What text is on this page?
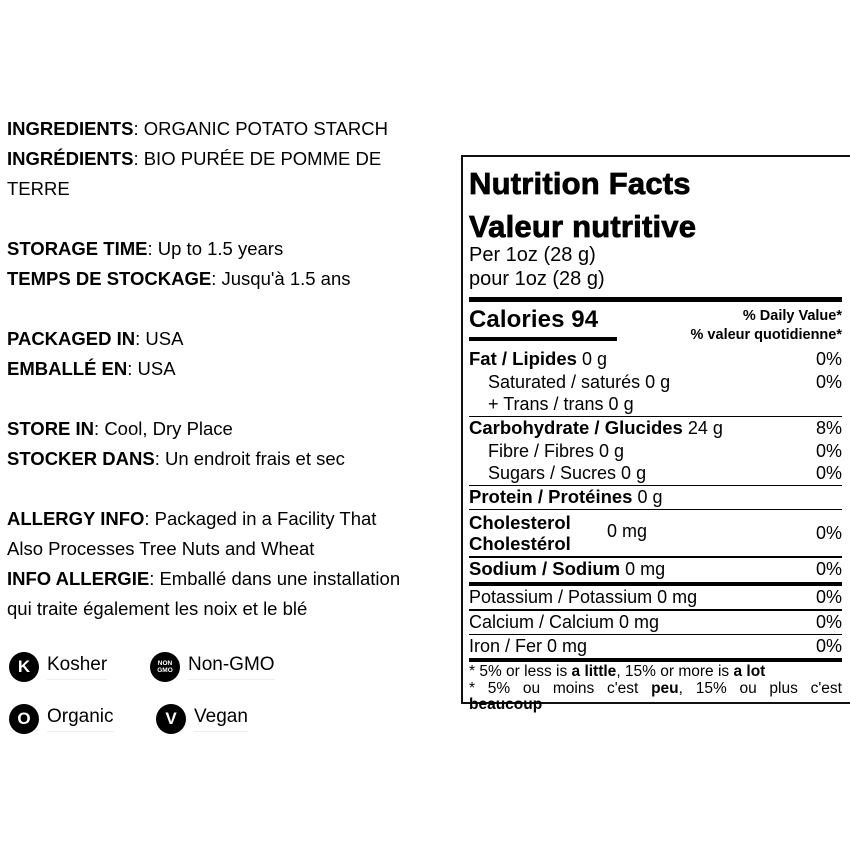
INGREDIENTS: ORGANIC POTATO STARCH
INGRÉDIENTS: BIO PURÉE DE POMME DE
TERRE
STORAGE TIME: Up to 1.5 years
TEMPS DE STOCKAGE: Jusqu'à 1.5 ans
PACKAGED IN: USA
EMBALLÉ EN: USA
STORE IN: Cool, Dry Place
STOCKER DANS: Un endroit frais et sec
ALLERGY INFO: Packaged in a Facility That
Also Processes Tree Nuts and Wheat
INFO ALLERGIE: Emballé dans une installation
qui traite également les noix et le blé
K Kosher	NON
GMO Non-GMO
O Organic	V Vegan
Nutrition Facts
Valeur nutritive
Per 1oz (28 g)
pour 1oz (28 g)
Calories 94	% Daily Value*
% valeur quotidienne*
Fat / Lipides 0 g	0%
Saturated / saturés 0 g	0%
+ Trans / trans 0 g
Carbohydrate / Glucides 24 g	8%
Fibre / Fibres 0 g	0%
Sugars / Sucres 0 g	0%
Protein / Protéines 0 g
Cholesterol
Cholestérol
0 mg	0%
Sodium / Sodium 0 mg	0%
Potassium / Potassium 0 mg	0%
Calcium / Calcium 0 mg	0%
Iron / Fer 0 mg	0%
* 5% or less is a little, 15% or more is a lot
* 5% ou moins c'est peu, 15% ou plus c'est beaucoup
